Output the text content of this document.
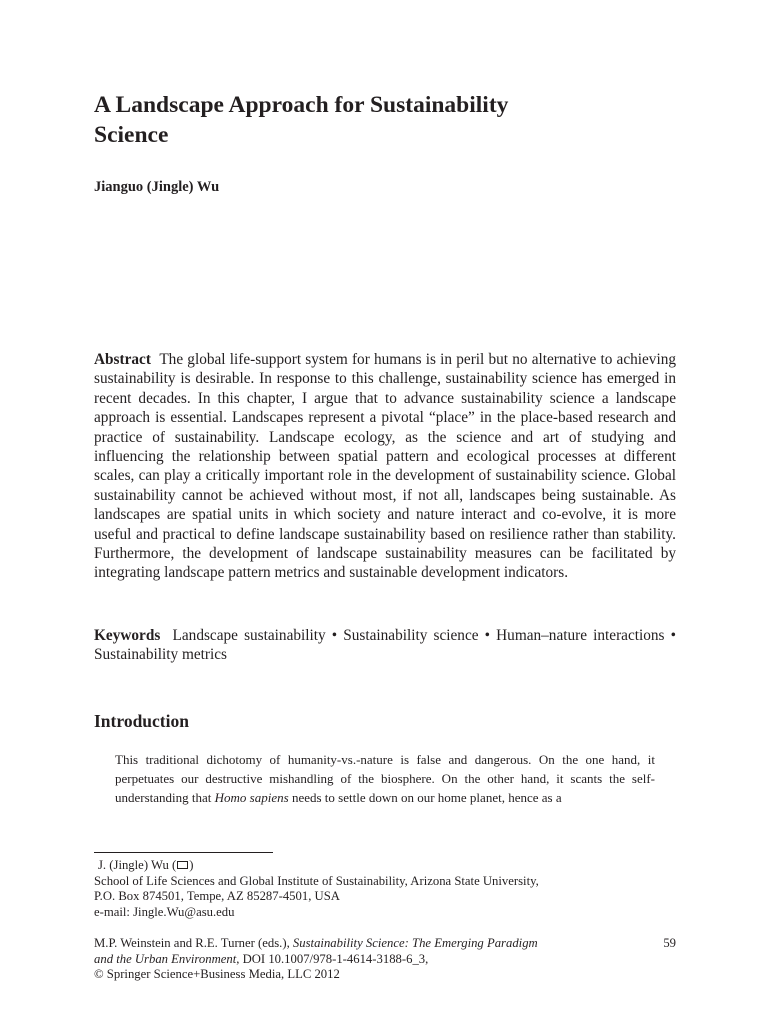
A Landscape Approach for Sustainability
Science

Jianguo (Jingle) Wu

Abstract The global life-support system for humans is in peril but no alternative to achieving sustainability is desirable. In response to this challenge, sustainability science has emerged in recent decades. In this chapter, I argue that to advance sustainability science a landscape approach is essential. Landscapes represent a pivotal “place” in the place-based research and practice of sustainability. Landscape ecology, as the science and art of studying and influencing the relationship between spatial pattern and ecological processes at different scales, can play a critically important role in the development of sustainability science. Global sustainability cannot be achieved without most, if not all, landscapes being sustainable. As landscapes are spatial units in which society and nature interact and co-evolve, it is more useful and practical to define landscape sustainability based on resilience rather than stability. Furthermore, the development of landscape sustainability measures can be facilitated by integrating landscape pattern metrics and sustainable development indicators.

Keywords Landscape sustainability • Sustainability science • Human–nature interactions • Sustainability metrics

Introduction

This traditional dichotomy of humanity-vs.-nature is false and dangerous. On the one hand, it perpetuates our destructive mishandling of the biosphere. On the other hand, it scants the self-understanding that Homo sapiens needs to settle down on our home planet, hence as a

J. (Jingle) Wu ( )
School of Life Sciences and Global Institute of Sustainability, Arizona State University,
P.O. Box 874501, Tempe, AZ 85287-4501, USA
e-mail: Jingle.Wu@asu.edu
M.P. Weinstein and R.E. Turner (eds.), Sustainability Science: The Emerging Paradigm
and the Urban Environment, DOI 10.1007/978-1-4614-3188-6_3,
© Springer Science+Business Media, LLC 2012
59
